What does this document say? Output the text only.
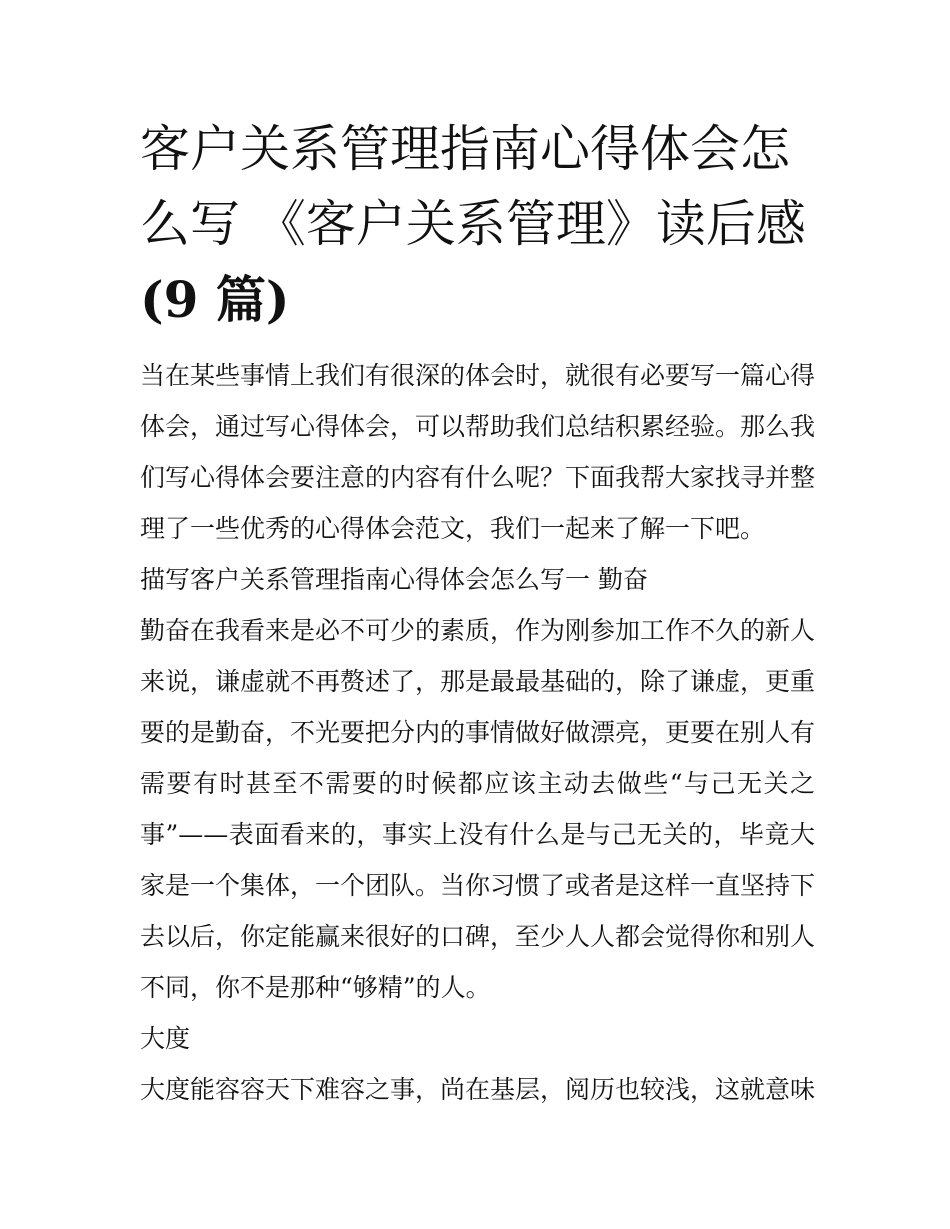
客户关系管理指南心得体会怎么写 《客户关系管理》读后感
(9 篇)

当在某些事情上我们有很深的体会时，就很有必要写一篇心得体会，通过写心得体会，可以帮助我们总结积累经验。那么我们写心得体会要注意的内容有什么呢？下面我帮大家找寻并整理了一些优秀的心得体会范文，我们一起来了解一下吧。

描写客户关系管理指南心得体会怎么写一 勤奋

勤奋在我看来是必不可少的素质，作为刚参加工作不久的新人来说，谦虚就不再赘述了，那是最最基础的，除了谦虚，更重要的是勤奋，不光要把分内的事情做好做漂亮，更要在别人有需要有时甚至不需要的时候都应该主动去做些“与己无关之事”——表面看来的，事实上没有什么是与己无关的，毕竟大家是一个集体，一个团队。当你习惯了或者是这样一直坚持下去以后，你定能赢来很好的口碑，至少人人都会觉得你和别人不同，你不是那种“够精”的人。

大度

大度能容容天下难容之事，尚在基层，阅历也较浅，这就意味
